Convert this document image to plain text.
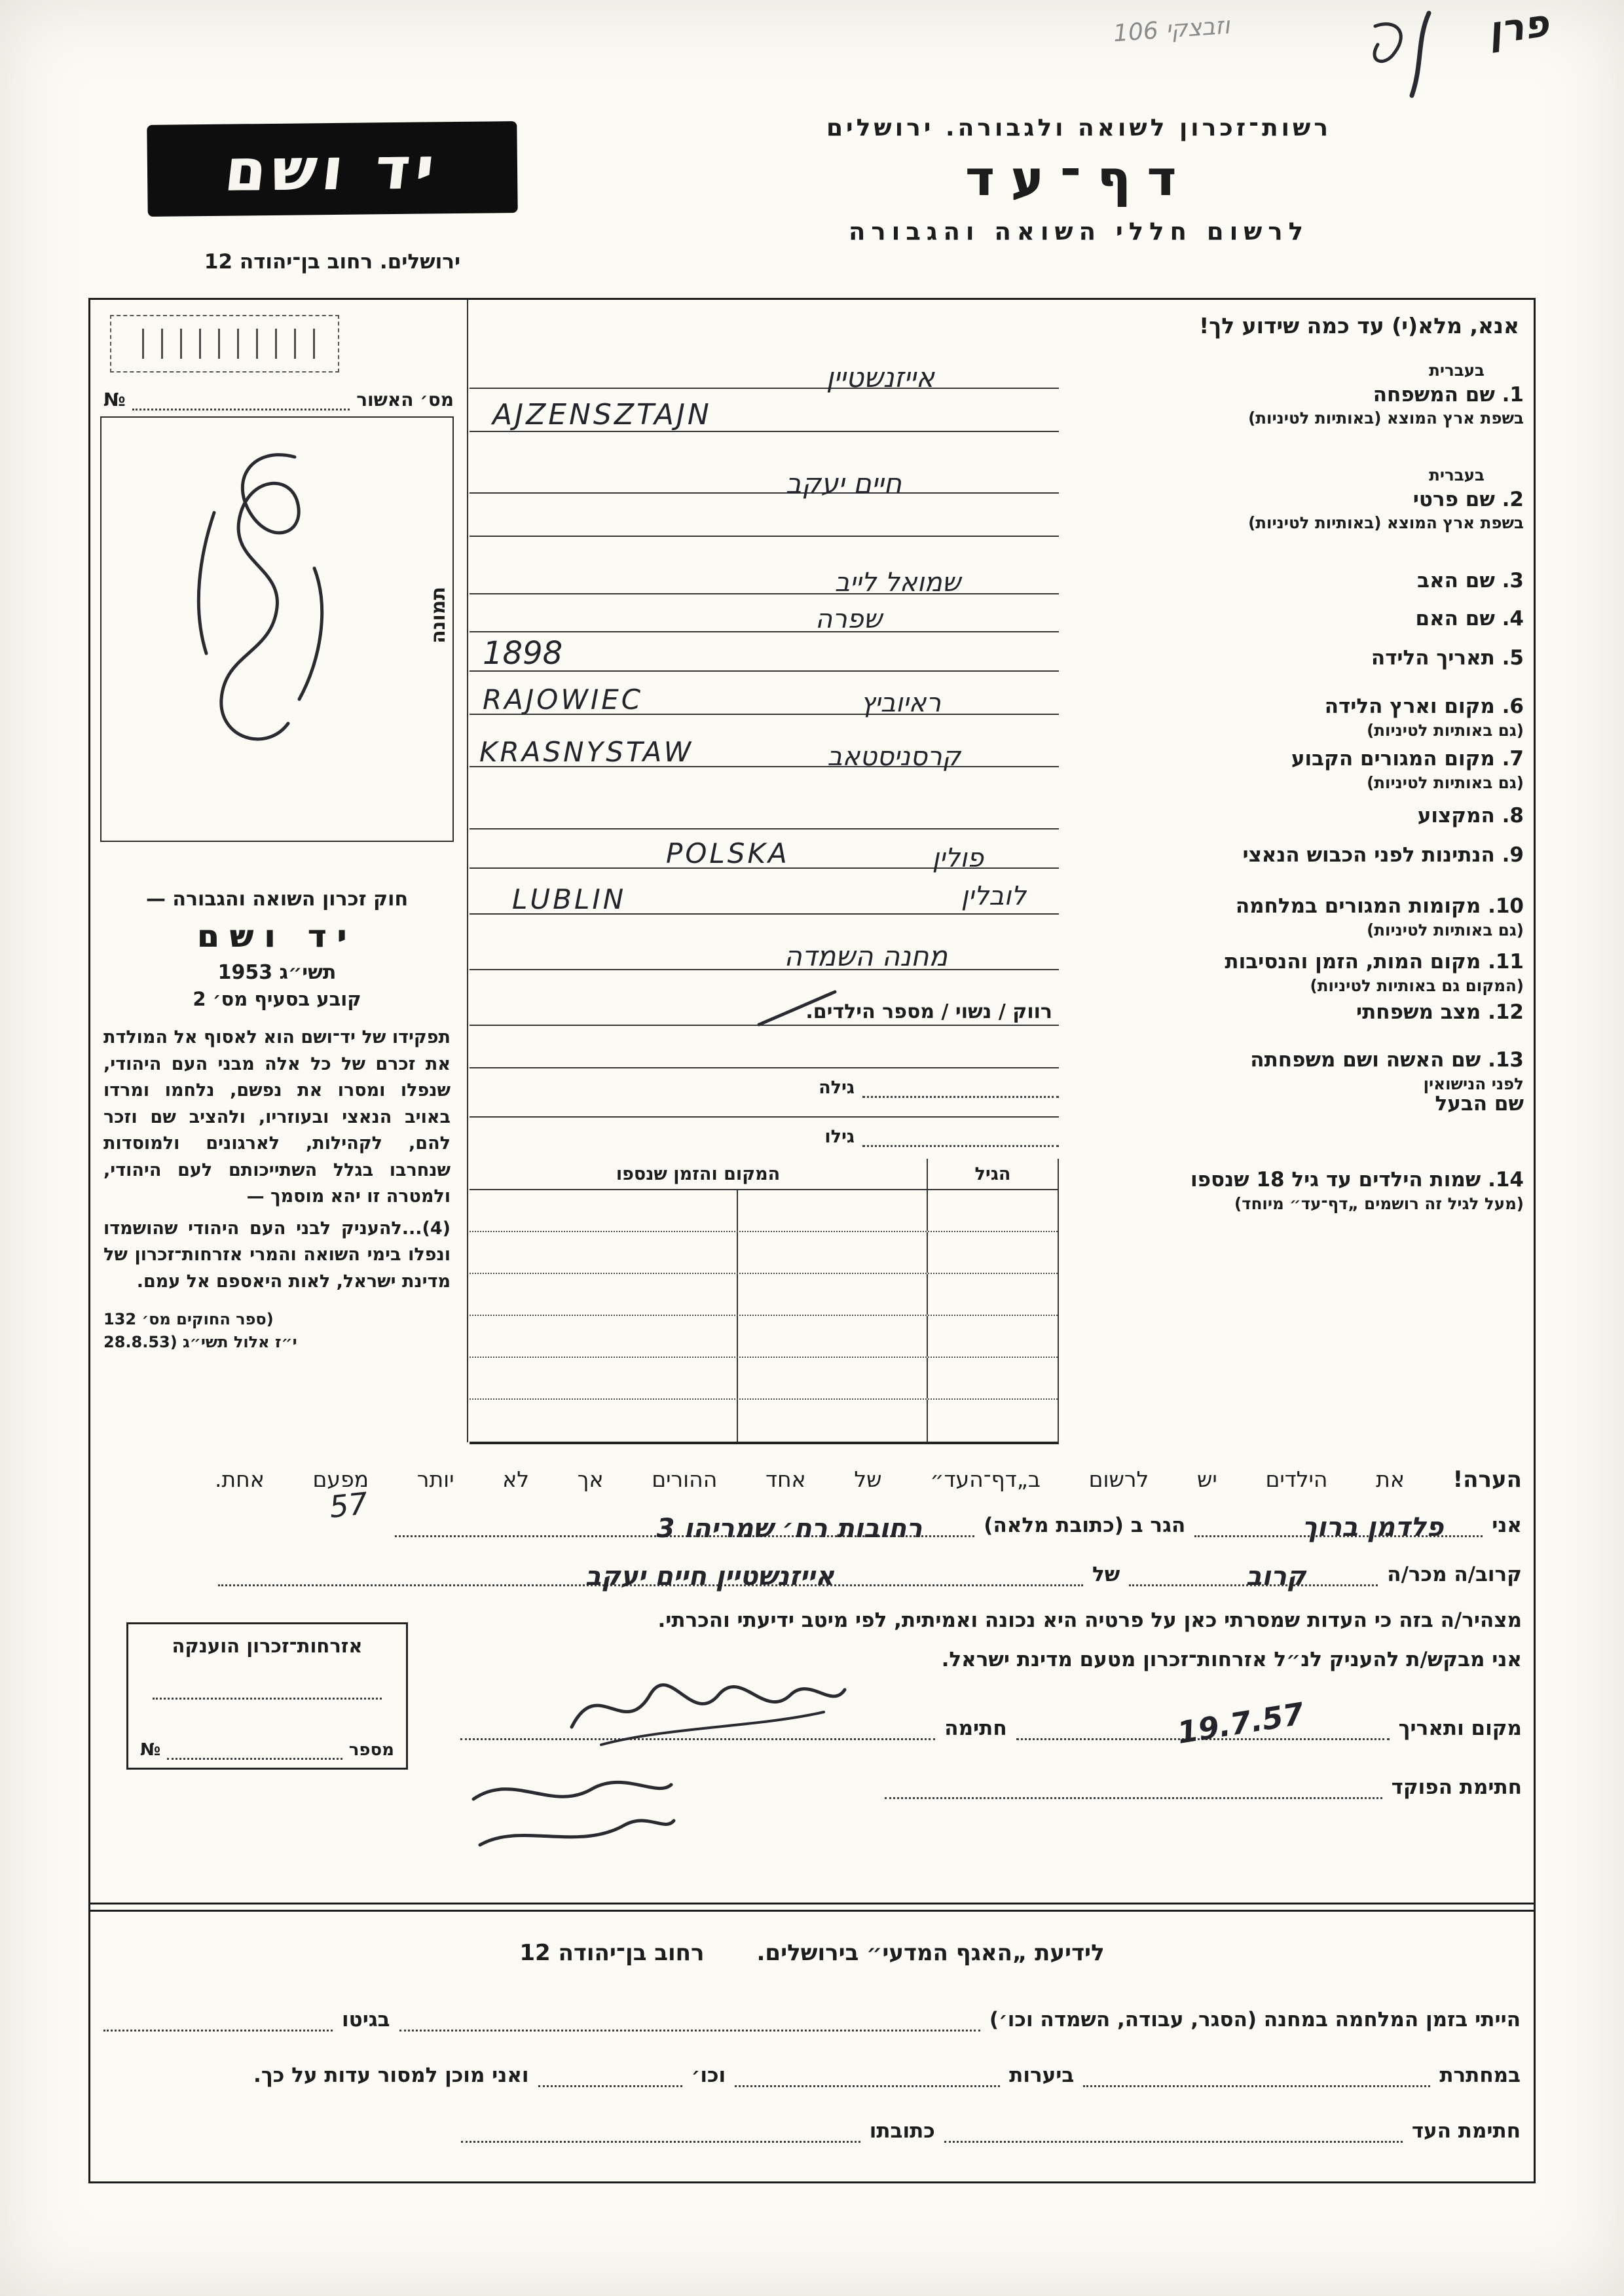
וזבצקי 106	פרן
רשות־זכרון לשואה ולגבורה. ירושלים
דף־עד
לרשום חללי השואה והגבורה
יד ושם
ירושלים. רחוב בן־יהודה 12
אנא, מלא(י) עד כמה שידוע לך!
מס׳ האשור
№
תמונה
חוק זכרון השואה והגבורה —
יד ושם
תשי״ג 1953
קובע בסעיף מס׳ 2
תפקידו של יד־ושם הוא לאסוף אל המולדת את זכרם של כל אלה מבני העם היהודי, שנפלו ומסרו את נפשם, נלחמו ומרדו באויב הנאצי ובעוזריו, ולהציב שם וזכר להם, לקהילות, לארגונים ולמוסדות שנחרבו בגלל השתייכותם לעם היהודי, ולמטרה זו יהא מוסמך —
(4)...להעניק לבני העם היהודי שהושמדו ונפלו בימי השואה והמרי אזרחות־זכרון של מדינת ישראל, לאות היאספם אל עמם.
(ספר החוקים מס׳ 132
י״ז אלול תשי״ג (28.8.53
בעברית
1. שם המשפחה
בשפת ארץ המוצא (באותיות לטיניות)
אייזנשטיין
AJZENSZTAJN
בעברית
2. שם פרטי
בשפת ארץ המוצא (באותיות לטיניות)
חיים יעקב
3. שם האב
שמואל לייב
4. שם האם
שפרה
5. תאריך הלידה
1898
6. מקום וארץ הלידה
(גם באותיות לטיניות)
RAJOWIEC	ראיוביץ
7. מקום המגורים הקבוע
(גם באותיות לטיניות)
KRASNYSTAW	קרסניסטאב
8. המקצוע
9. הנתינות לפני הכבוש הנאצי
POLSKA	פולין
10. מקומות המגורים במלחמה
(גם באותיות לטיניות)
LUBLIN	לובלין
11. מקום המות, הזמן והנסיבות
(המקום גם באותיות לטיניות)
מחנה השמדה
12. מצב משפחתי
רווק / נשוי / מספר הילדים.
13. שם האשה ושם משפחתה
לפני הנישואין
גילה
שם הבעל
גילו
14. שמות הילדים עד גיל 18 שנספו
(מעל לגיל זה רושמים „דף־עד״ מיוחד)
הגיל
המקום והזמן שנספו
הערה! את הילדים יש לרשום ב„דף־העד״ של אחד ההורים אך לא יותר מפעם אחת.
57
אני
פלדמן ברוך
הגר ב (כתובת מלאה)
רחובות רח׳ שמריהו 3
קרוב/ה מכר/ה
קרוב
של
אייזנשטיין חיים יעקב
מצהיר/ה בזה כי העדות שמסרתי כאן על פרטיה היא נכונה ואמיתית, לפי מיטב ידיעתי והכרתי.
אני מבקש/ת להעניק לנ״ל אזרחות־זכרון מטעם מדינת ישראל.
מקום ותאריך
19.7.57
חתימה
חתימת הפוקד
אזרחות־זכרון הוענקה
מספר
№
לידיעת „האגף המדעי״ בירושלים.
רחוב בן־יהודה 12
הייתי בזמן המלחמה במחנה (הסגר, עבודה, השמדה וכו׳)
בגיטו
במחתרת
ביערות
וכו׳
ואני מוכן למסור עדות על כך.
חתימת העד
כתובתו
